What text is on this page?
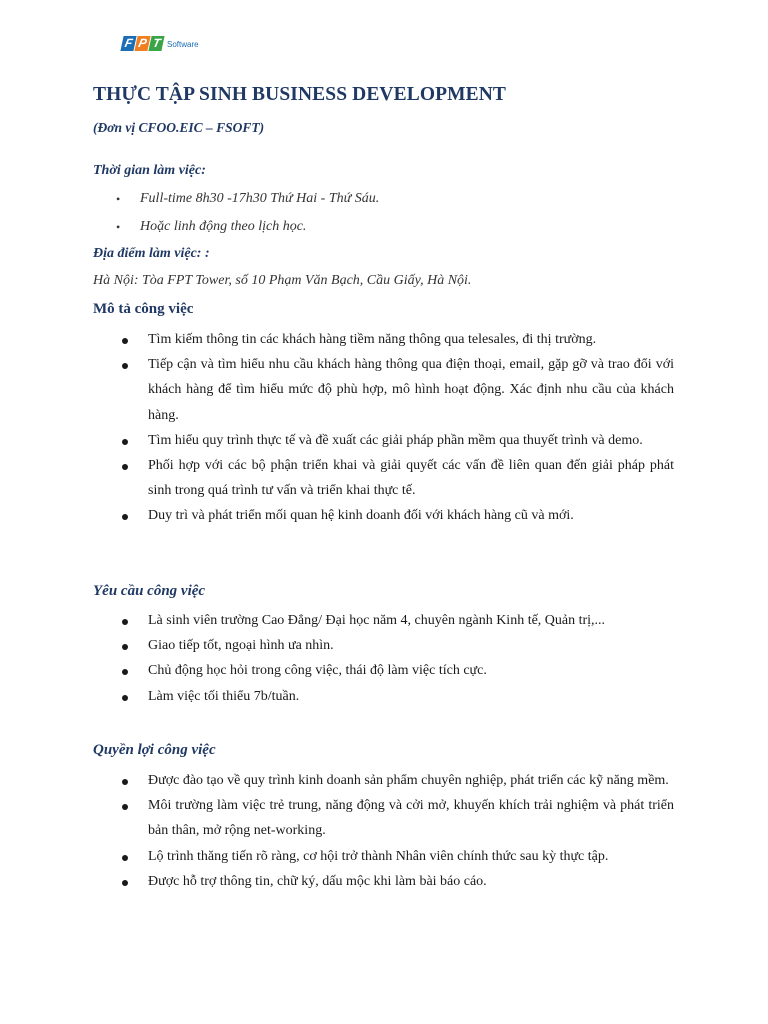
F P T Software
THỰC TẬP SINH BUSINESS DEVELOPMENT
(Đơn vị CFOO.EIC – FSOFT)
Thời gian làm việc:
• Full-time 8h30 -17h30 Thứ Hai - Thứ Sáu.
• Hoặc linh động theo lịch học.
Địa điểm làm việc: :
Hà Nội: Tòa FPT Tower, số 10 Phạm Văn Bạch, Cầu Giấy, Hà Nội.
Mô tả công việc
Tìm kiếm thông tin các khách hàng tiềm năng thông qua telesales, đi thị trường.
Tiếp cận và tìm hiểu nhu cầu khách hàng thông qua điện thoại, email, gặp gỡ và trao đổi với khách hàng để tìm hiểu mức độ phù hợp, mô hình hoạt động. Xác định nhu cầu của khách hàng.
Tìm hiểu quy trình thực tế và đề xuất các giải pháp phần mềm qua thuyết trình và demo.
Phối hợp với các bộ phận triển khai và giải quyết các vấn đề liên quan đến giải pháp phát sinh trong quá trình tư vấn và triển khai thực tế.
Duy trì và phát triển mối quan hệ kinh doanh đối với khách hàng cũ và mới.
Yêu cầu công việc
Là sinh viên trường Cao Đẳng/ Đại học năm 4, chuyên ngành Kinh tế, Quản trị,...
Giao tiếp tốt, ngoại hình ưa nhìn.
Chủ động học hỏi trong công việc, thái độ làm việc tích cực.
Làm việc tối thiểu 7b/tuần.
Quyền lợi công việc
Được đào tạo về quy trình kinh doanh sản phẩm chuyên nghiệp, phát triển các kỹ năng mềm.
Môi trường làm việc trẻ trung, năng động và cởi mở, khuyến khích trải nghiệm và phát triển bản thân, mở rộng net-working.
Lộ trình thăng tiến rõ ràng, cơ hội trở thành Nhân viên chính thức sau kỳ thực tập.
Được hỗ trợ thông tin, chữ ký, dấu mộc khi làm bài báo cáo.
